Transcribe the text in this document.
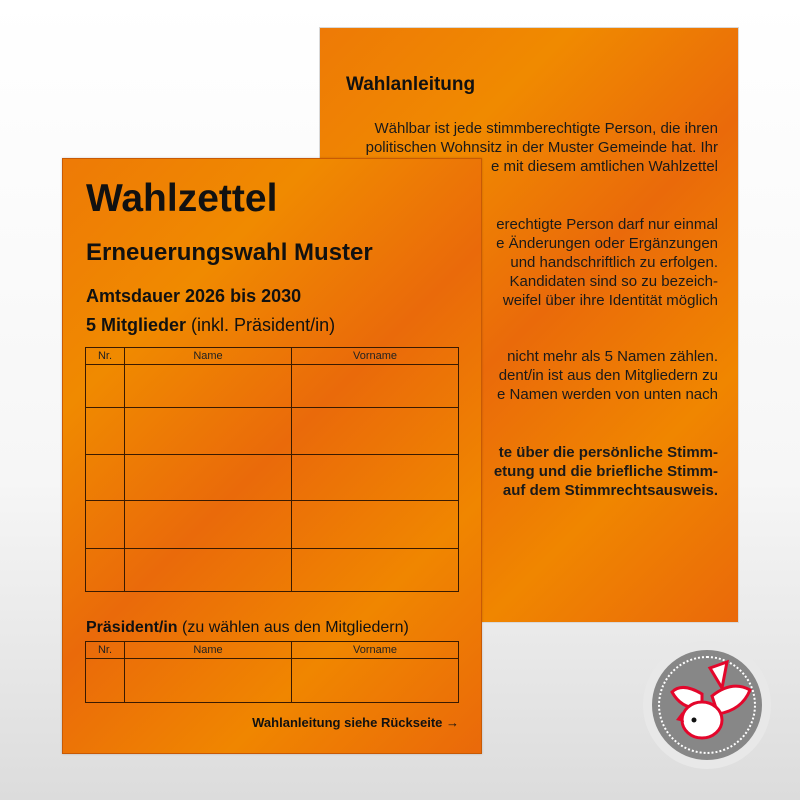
Wahlanleitung
Wählbar ist jede stimmberechtigte Person, die ihren
politischen Wohnsitz in der Muster Gemeinde hat. Ihr
e mit diesem amtlichen Wahlzettel
erechtigte Person darf nur einmal
e Änderungen oder Ergänzungen
und handschriftlich zu erfolgen.
Kandidaten sind so zu bezeich-
weifel über ihre Identität möglich
nicht mehr als 5 Namen zählen.
dent/in ist aus den Mitgliedern zu
e Namen werden von unten nach
te über die persönliche Stimm-
etung und die briefliche Stimm-
auf dem Stimmrechtsausweis.
Wahlzettel
Erneuerungswahl Muster
Amtsdauer 2026 bis 2030
5 Mitglieder (inkl. Präsident/in)
Nr.	Name	Vorname

Präsident/in (zu wählen aus den Mitgliedern)
Nr.	Name	Vorname

Wahlanleitung siehe Rückseite →
